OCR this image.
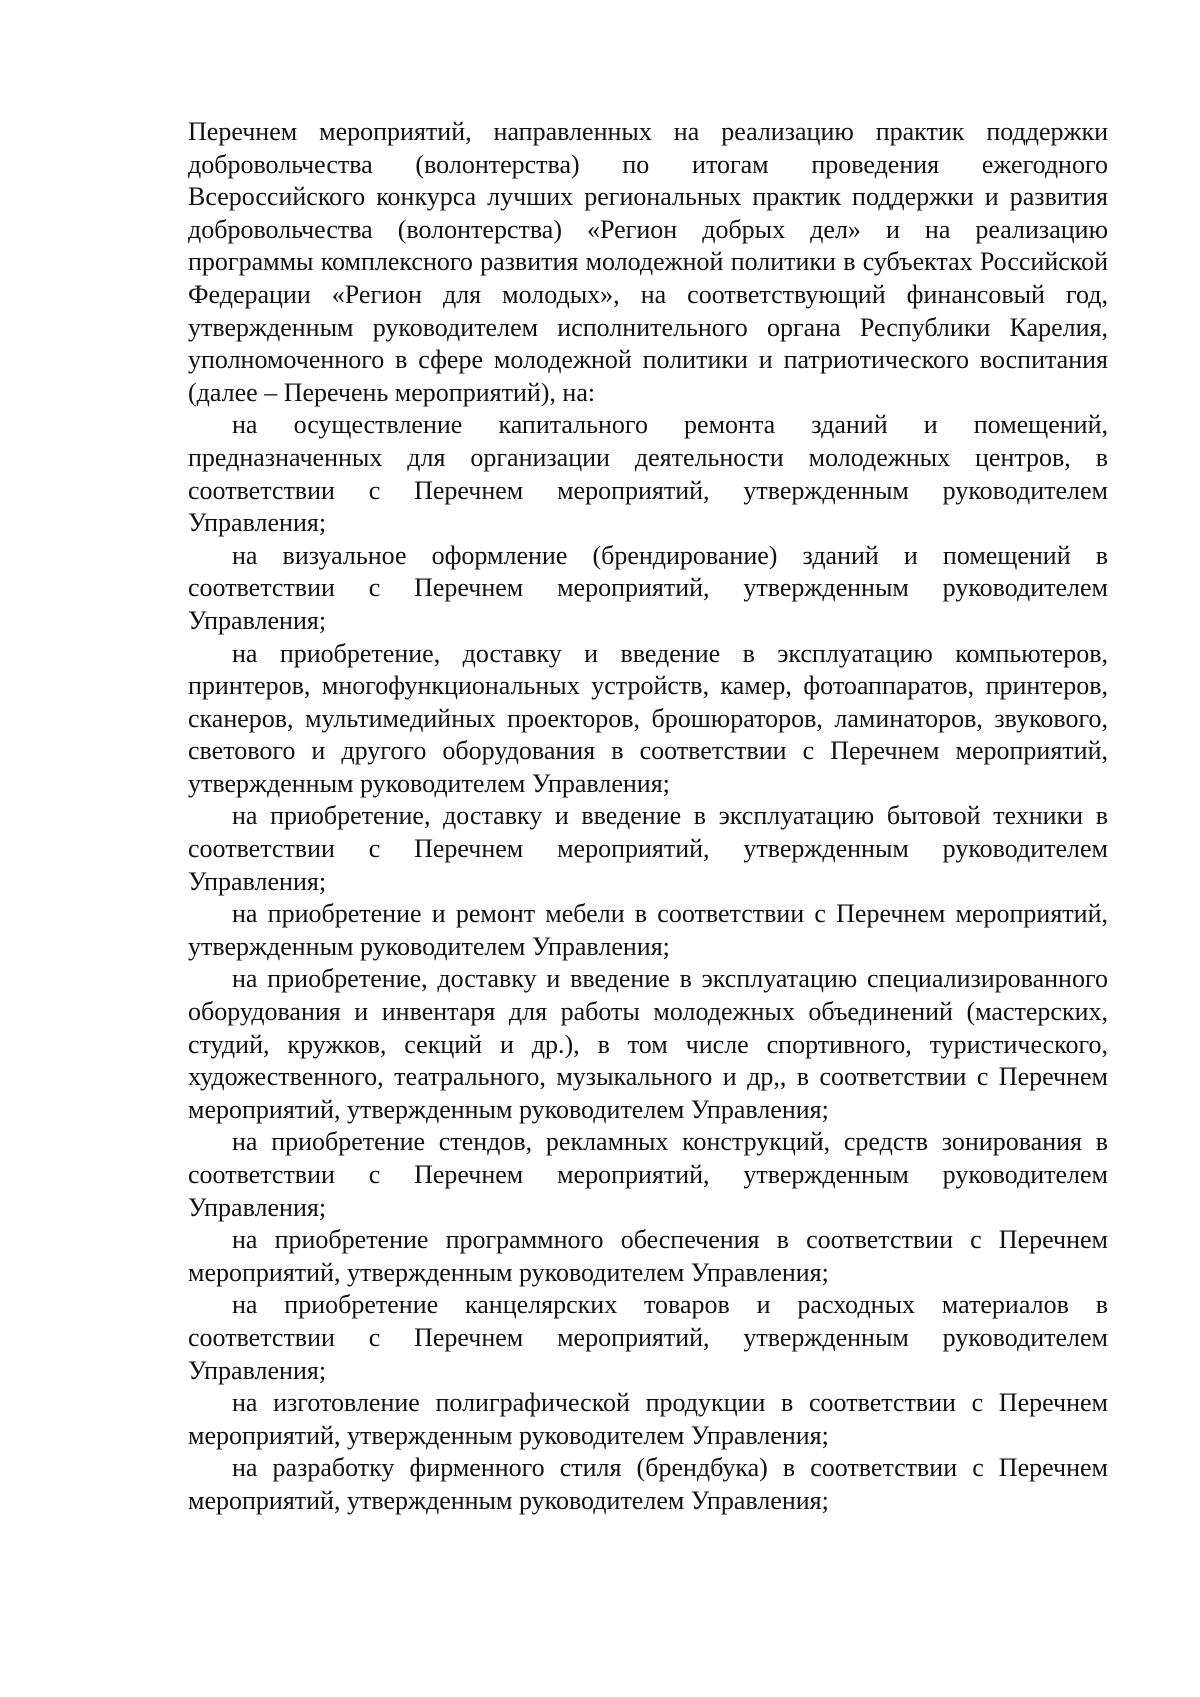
Перечнем мероприятий, направленных на реализацию практик поддержки добровольчества (волонтерства) по итогам проведения ежегодного Всероссийского конкурса лучших региональных практик поддержки и развития добровольчества (волонтерства) «Регион добрых дел» и на реализацию программы комплексного развития молодежной политики в субъектах Российской Федерации «Регион для молодых», на соответствующий финансовый год, утвержденным руководителем исполнительного органа Республики Карелия, уполномоченного в сфере молодежной политики и патриотического воспитания (далее – Перечень мероприятий), на:

на осуществление капитального ремонта зданий и помещений, предназначенных для организации деятельности молодежных центров, в соответствии с Перечнем мероприятий, утвержденным руководителем Управления;

на визуальное оформление (брендирование) зданий и помещений в соответствии с Перечнем мероприятий, утвержденным руководителем Управления;

на приобретение, доставку и введение в эксплуатацию компьютеров, принтеров, многофункциональных устройств, камер, фотоаппаратов, принтеров, сканеров, мультимедийных проекторов, брошюраторов, ламинаторов, звукового, светового и другого оборудования в соответствии с Перечнем мероприятий, утвержденным руководителем Управления;

на приобретение, доставку и введение в эксплуатацию бытовой техники в соответствии с Перечнем мероприятий, утвержденным руководителем Управления;

на приобретение и ремонт мебели в соответствии с Перечнем мероприятий, утвержденным руководителем Управления;

на приобретение, доставку и введение в эксплуатацию специализированного оборудования и инвентаря для работы молодежных объединений (мастерских, студий, кружков, секций и др.), в том числе спортивного, туристического, художественного, театрального, музыкального и др,, в соответствии с Перечнем мероприятий, утвержденным руководителем Управления;

на приобретение стендов, рекламных конструкций, средств зонирования в соответствии с Перечнем мероприятий, утвержденным руководителем Управления;

на приобретение программного обеспечения в соответствии с Перечнем мероприятий, утвержденным руководителем Управления;

на приобретение канцелярских товаров и расходных материалов в соответствии с Перечнем мероприятий, утвержденным руководителем Управления;

на изготовление полиграфической продукции в соответствии с Перечнем мероприятий, утвержденным руководителем Управления;

на разработку фирменного стиля (брендбука) в соответствии с Перечнем мероприятий, утвержденным руководителем Управления;
